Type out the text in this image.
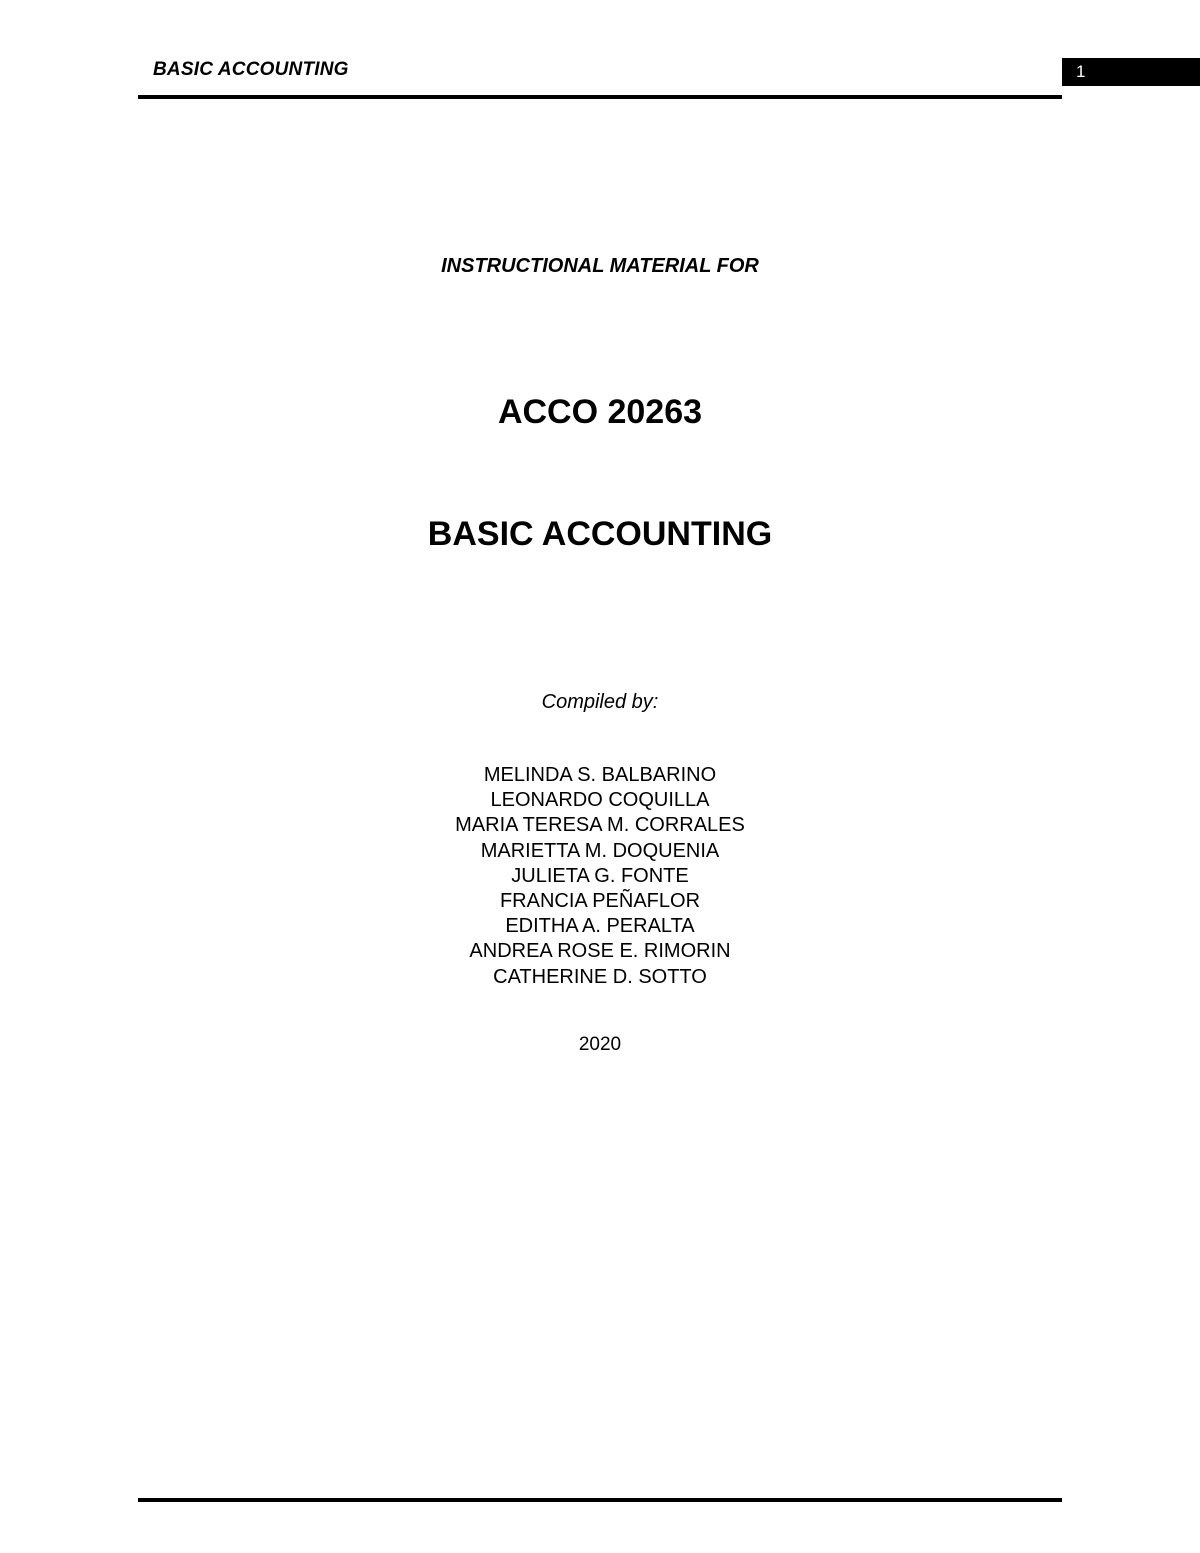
BASIC ACCOUNTING	1
INSTRUCTIONAL MATERIAL FOR
ACCO 20263
BASIC ACCOUNTING
Compiled by:
MELINDA S. BALBARINO
LEONARDO COQUILLA
MARIA TERESA M. CORRALES
MARIETTA M. DOQUENIA
JULIETA G. FONTE
FRANCIA PEÑAFLOR
EDITHA A. PERALTA
ANDREA ROSE E. RIMORIN
CATHERINE D. SOTTO
2020
